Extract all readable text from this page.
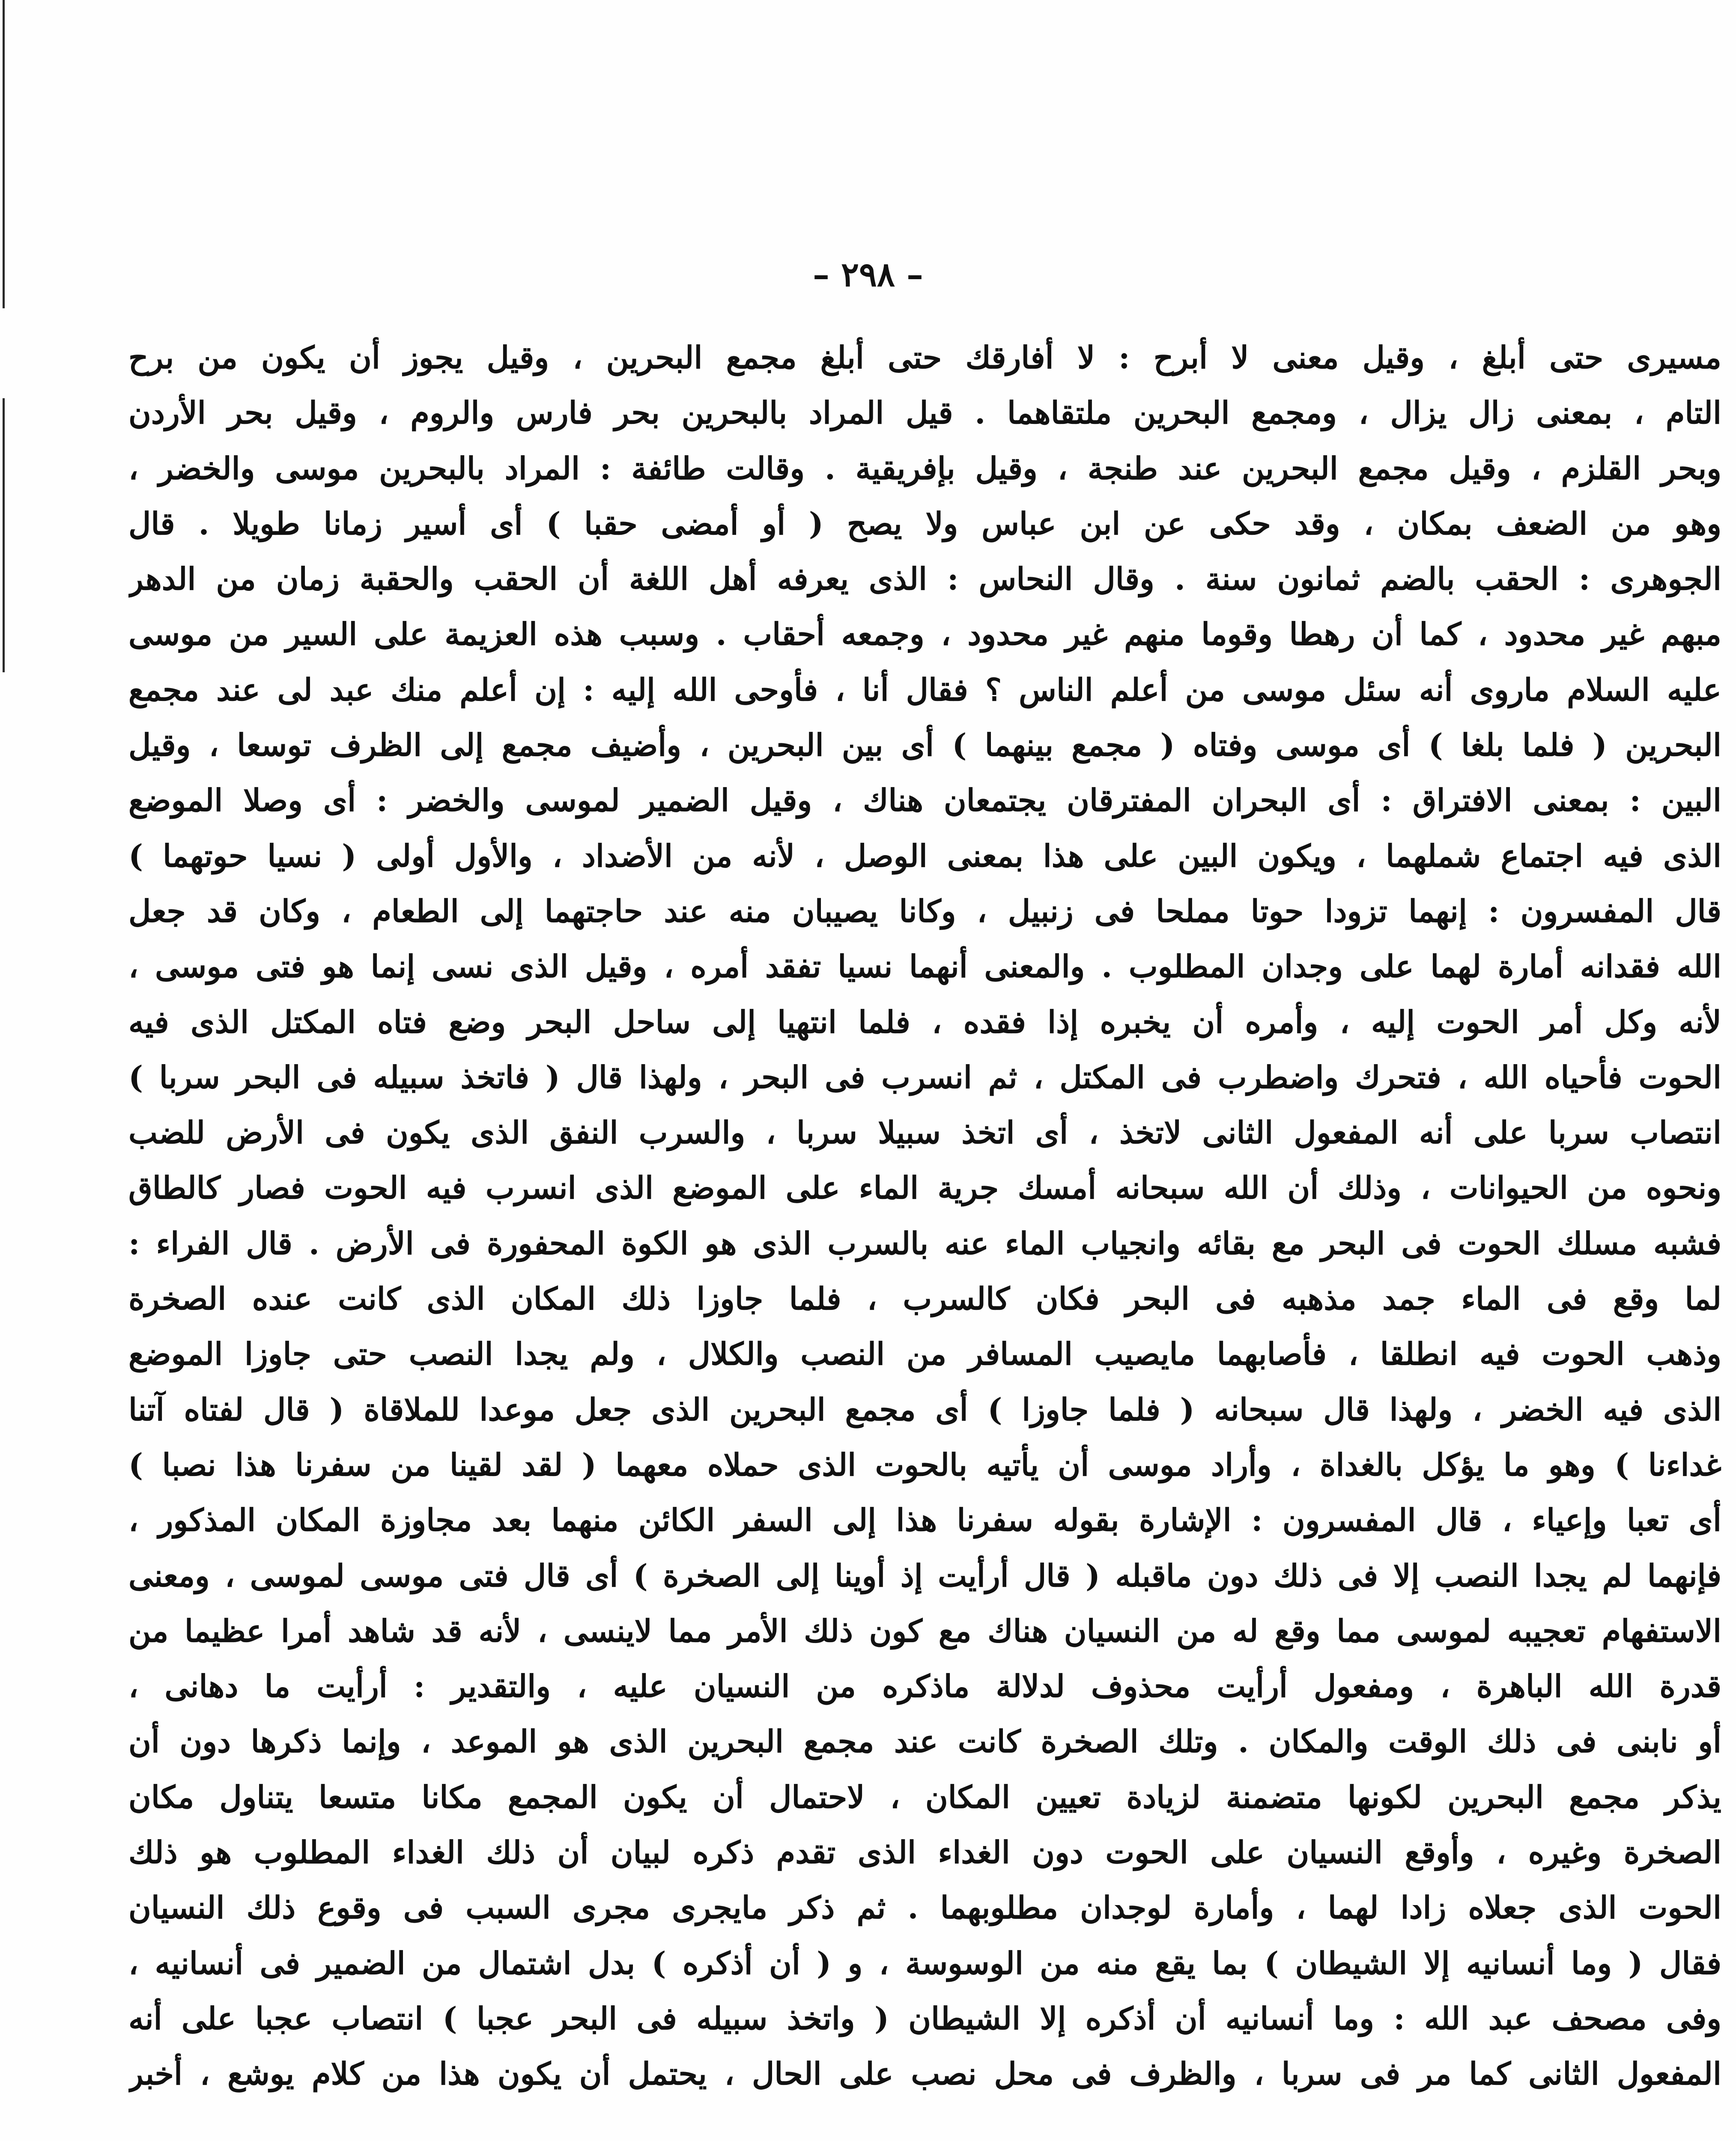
– ٢٩٨ –
مسيرى حتى أبلغ ، وقيل معنى لا أبرح : لا أفارقك حتى أبلغ مجمع البحرين ، وقيل يجوز أن يكون من برح
التام ، بمعنى زال يزال ، ومجمع البحرين ملتقاهما . قيل المراد بالبحرين بحر فارس والروم ، وقيل بحر الأردن
وبحر القلزم ، وقيل مجمع البحرين عند طنجة ، وقيل بإفريقية . وقالت طائفة : المراد بالبحرين موسى والخضر ،
وهو من الضعف بمكان ، وقد حكى عن ابن عباس ولا يصح ( أو أمضى حقبا ) أى أسير زمانا طويلا . قال
الجوهرى : الحقب بالضم ثمانون سنة . وقال النحاس : الذى يعرفه أهل اللغة أن الحقب والحقبة زمان من الدهر
مبهم غير محدود ، كما أن رهطا وقوما منهم غير محدود ، وجمعه أحقاب . وسبب هذه العزيمة على السير من موسى
عليه السلام ماروى أنه سئل موسى من أعلم الناس ؟ فقال أنا ، فأوحى الله إليه : إن أعلم منك عبد لى عند مجمع
البحرين ( فلما بلغا ) أى موسى وفتاه ( مجمع بينهما ) أى بين البحرين ، وأضيف مجمع إلى الظرف توسعا ، وقيل
البين : بمعنى الافتراق : أى البحران المفترقان يجتمعان هناك ، وقيل الضمير لموسى والخضر : أى وصلا الموضع
الذى فيه اجتماع شملهما ، ويكون البين على هذا بمعنى الوصل ، لأنه من الأضداد ، والأول أولى ( نسيا حوتهما )
قال المفسرون : إنهما تزودا حوتا مملحا فى زنبيل ، وكانا يصيبان منه عند حاجتهما إلى الطعام ، وكان قد جعل
الله فقدانه أمارة لهما على وجدان المطلوب . والمعنى أنهما نسيا تفقد أمره ، وقيل الذى نسى إنما هو فتى موسى ،
لأنه وكل أمر الحوت إليه ، وأمره أن يخبره إذا فقده ، فلما انتهيا إلى ساحل البحر وضع فتاه المكتل الذى فيه
الحوت فأحياه الله ، فتحرك واضطرب فى المكتل ، ثم انسرب فى البحر ، ولهذا قال ( فاتخذ سبيله فى البحر سربا )
انتصاب سربا على أنه المفعول الثانى لاتخذ ، أى اتخذ سبيلا سربا ، والسرب النفق الذى يكون فى الأرض للضب
ونحوه من الحيوانات ، وذلك أن الله سبحانه أمسك جرية الماء على الموضع الذى انسرب فيه الحوت فصار كالطاق
فشبه مسلك الحوت فى البحر مع بقائه وانجياب الماء عنه بالسرب الذى هو الكوة المحفورة فى الأرض . قال الفراء :
لما وقع فى الماء جمد مذهبه فى البحر فكان كالسرب ، فلما جاوزا ذلك المكان الذى كانت عنده الصخرة
وذهب الحوت فيه انطلقا ، فأصابهما مايصيب المسافر من النصب والكلال ، ولم يجدا النصب حتى جاوزا الموضع
الذى فيه الخضر ، ولهذا قال سبحانه ( فلما جاوزا ) أى مجمع البحرين الذى جعل موعدا للملاقاة ( قال لفتاه آتنا
غداءنا ) وهو ما يؤكل بالغداة ، وأراد موسى أن يأتيه بالحوت الذى حملاه معهما ( لقد لقينا من سفرنا هذا نصبا )
أى تعبا وإعياء ، قال المفسرون : الإشارة بقوله سفرنا هذا إلى السفر الكائن منهما بعد مجاوزة المكان المذكور ،
فإنهما لم يجدا النصب إلا فى ذلك دون ماقبله ( قال أرأيت إذ أوينا إلى الصخرة ) أى قال فتى موسى لموسى ، ومعنى
الاستفهام تعجيبه لموسى مما وقع له من النسيان هناك مع كون ذلك الأمر مما لاينسى ، لأنه قد شاهد أمرا عظيما من
قدرة الله الباهرة ، ومفعول أرأيت محذوف لدلالة ماذكره من النسيان عليه ، والتقدير : أرأيت ما دهانى ،
أو نابنى فى ذلك الوقت والمكان . وتلك الصخرة كانت عند مجمع البحرين الذى هو الموعد ، وإنما ذكرها دون أن
يذكر مجمع البحرين لكونها متضمنة لزيادة تعيين المكان ، لاحتمال أن يكون المجمع مكانا متسعا يتناول مكان
الصخرة وغيره ، وأوقع النسيان على الحوت دون الغداء الذى تقدم ذكره لبيان أن ذلك الغداء المطلوب هو ذلك
الحوت الذى جعلاه زادا لهما ، وأمارة لوجدان مطلوبهما . ثم ذكر مايجرى مجرى السبب فى وقوع ذلك النسيان
فقال ( وما أنسانيه إلا الشيطان ) بما يقع منه من الوسوسة ، و ( أن أذكره ) بدل اشتمال من الضمير فى أنسانيه ،
وفى مصحف عبد الله : وما أنسانيه أن أذكره إلا الشيطان ( واتخذ سبيله فى البحر عجبا ) انتصاب عجبا على أنه
المفعول الثانى كما مر فى سربا ، والظرف فى محل نصب على الحال ، يحتمل أن يكون هذا من كلام يوشع ، أخبر
